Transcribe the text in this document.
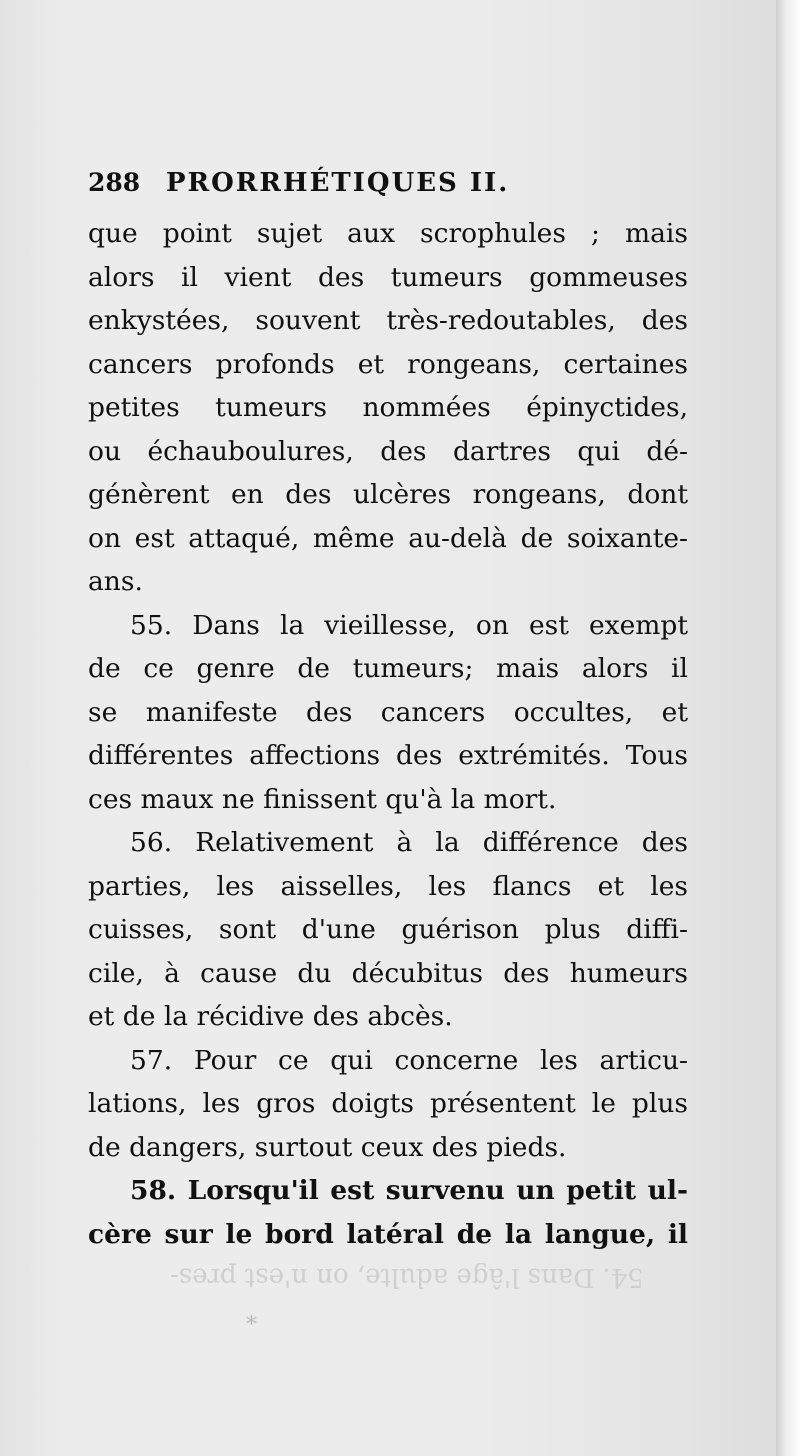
288 PRORRHÉTIQUES II.
que point sujet aux scrophules ; mais
alors il vient des tumeurs gommeuses
enkystées, souvent très-redoutables, des
cancers profonds et rongeans, certaines
petites tumeurs nommées épinyctides,
ou échauboulures, des dartres qui dé-
génèrent en des ulcères rongeans, dont
on est attaqué, même au-delà de soixante-
ans.
55. Dans la vieillesse, on est exempt
de ce genre de tumeurs; mais alors il
se manifeste des cancers occultes, et
différentes affections des extrémités. Tous
ces maux ne finissent qu'à la mort.
56. Relativement à la différence des
parties, les aisselles, les flancs et les
cuisses, sont d'une guérison plus diffi-
cile, à cause du décubitus des humeurs
et de la récidive des abcès.
57. Pour ce qui concerne les articu-
lations, les gros doigts présentent le plus
de dangers, surtout ceux des pieds.
58. Lorsqu'il est survenu un petit ul-
cère sur le bord latéral de la langue, il
54. Dans l'âge adulte, on n'est pres-
*
